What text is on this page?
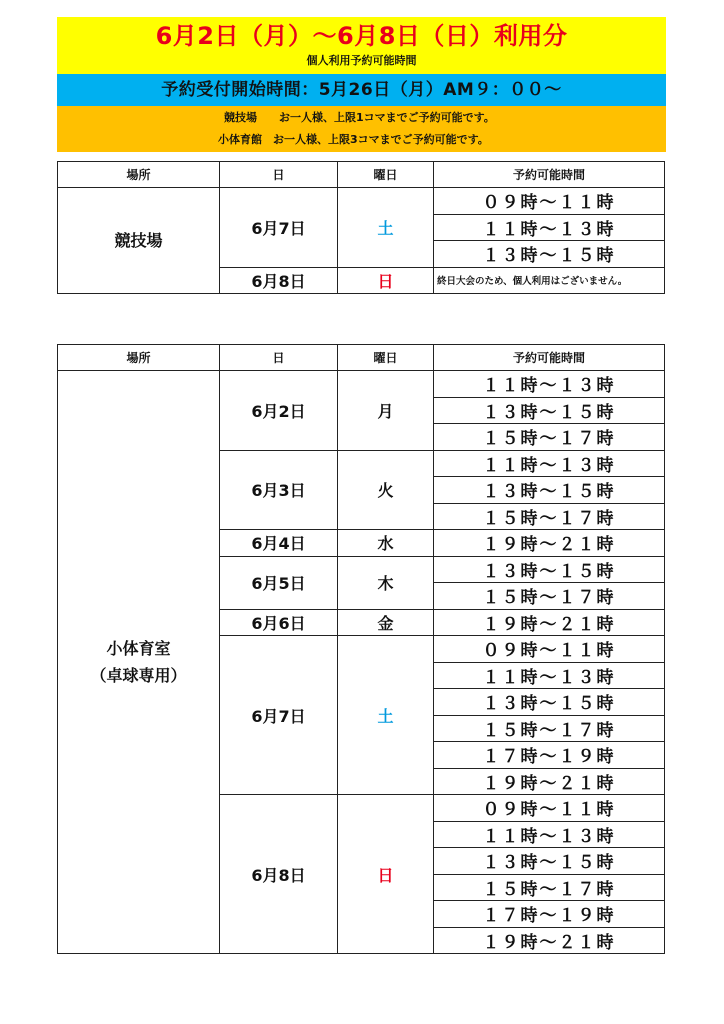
6月2日（月）～6月8日（日）利用分
個人利用予約可能時間
予約受付開始時間：5月26日（月）AM９：００～
競技場　　お一人様、上限1コマまでご予約可能です。
小体育館　お一人様、上限3コマまでご予約可能です。
場所	日	曜日	予約可能時間
競技場	6月7日	土	０９時～１１時
			１１時～１３時
			１３時～１５時
	6月8日	日	終日大会のため、個人利用はございません。
場所	日	曜日	予約可能時間

小体育室
（卓球専用）	6月2日	月	１１時～１３時
			１３時～１５時
			１５時～１７時
	6月3日	火	１１時～１３時
			１３時～１５時
			１５時～１７時
	6月4日	水	１９時～２１時
	6月5日	木	１３時～１５時
			１５時～１７時
	6月6日	金	１９時～２１時
	6月7日	土	０９時～１１時
			１１時～１３時
			１３時～１５時
			１５時～１７時
			１７時～１９時
			１９時～２１時
	6月8日	日	０９時～１１時
			１１時～１３時
			１３時～１５時
			１５時～１７時
			１７時～１９時
			１９時～２１時
